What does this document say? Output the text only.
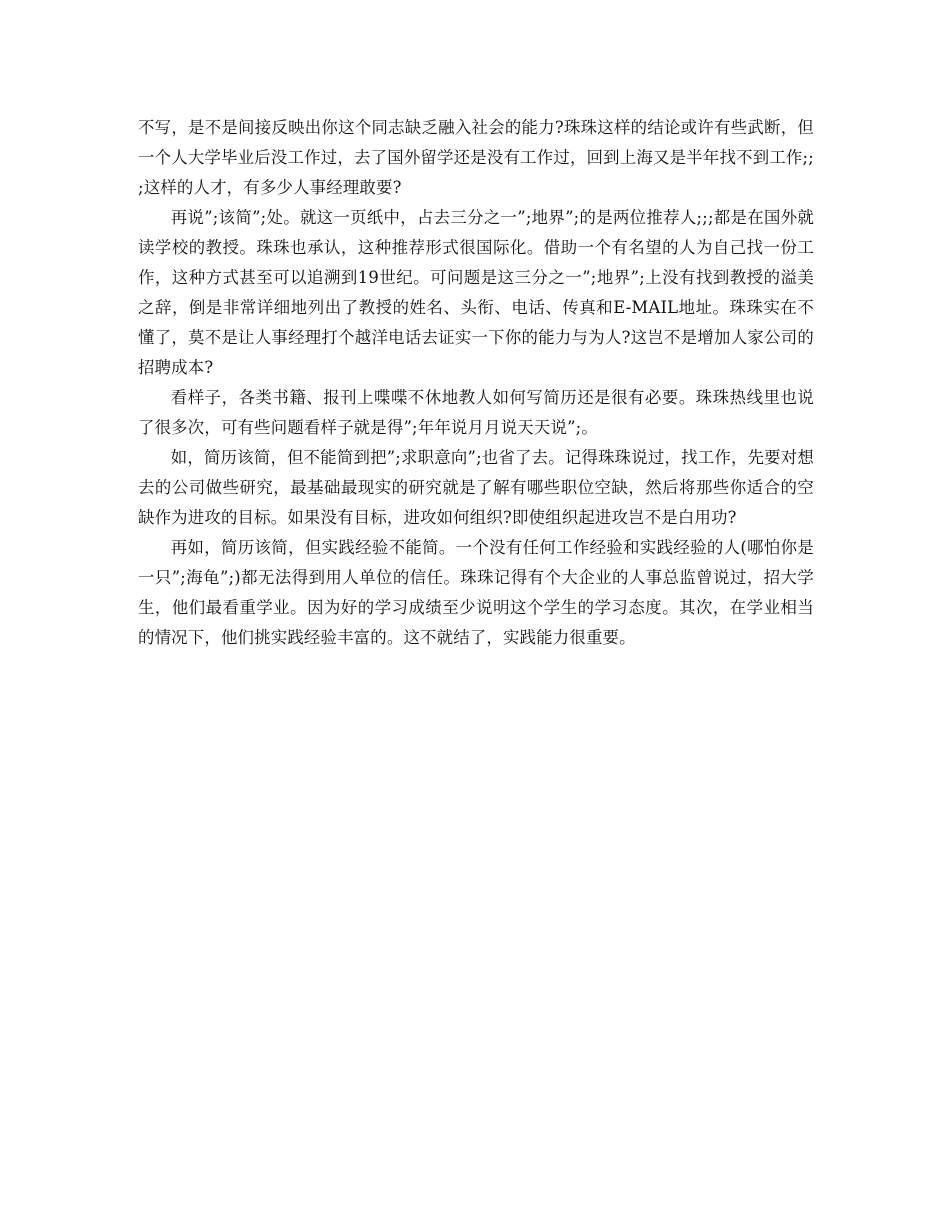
不写，是不是间接反映出你这个同志缺乏融入社会的能力?珠珠这样的结论或许有些武断，但一个人大学毕业后没工作过，去了国外留学还是没有工作过，回到上海又是半年找不到工作;;;这样的人才，有多少人事经理敢要?

再说”;该简”;处。就这一页纸中，占去三分之一”;地界”;的是两位推荐人;;;都是在国外就读学校的教授。珠珠也承认，这种推荐形式很国际化。借助一个有名望的人为自己找一份工作，这种方式甚至可以追溯到19世纪。可问题是这三分之一”;地界”;上没有找到教授的溢美之辞，倒是非常详细地列出了教授的姓名、头衔、电话、传真和E-MAIL地址。珠珠实在不懂了，莫不是让人事经理打个越洋电话去证实一下你的能力与为人?这岂不是增加人家公司的招聘成本?

看样子，各类书籍、报刊上喋喋不休地教人如何写简历还是很有必要。珠珠热线里也说了很多次，可有些问题看样子就是得”;年年说月月说天天说”;。

如，简历该简，但不能简到把”;求职意向”;也省了去。记得珠珠说过，找工作，先要对想去的公司做些研究，最基础最现实的研究就是了解有哪些职位空缺，然后将那些你适合的空缺作为进攻的目标。如果没有目标，进攻如何组织?即使组织起进攻岂不是白用功?

再如，简历该简，但实践经验不能简。一个没有任何工作经验和实践经验的人(哪怕你是一只”;海龟”;)都无法得到用人单位的信任。珠珠记得有个大企业的人事总监曾说过，招大学生，他们最看重学业。因为好的学习成绩至少说明这个学生的学习态度。其次，在学业相当的情况下，他们挑实践经验丰富的。这不就结了，实践能力很重要。
